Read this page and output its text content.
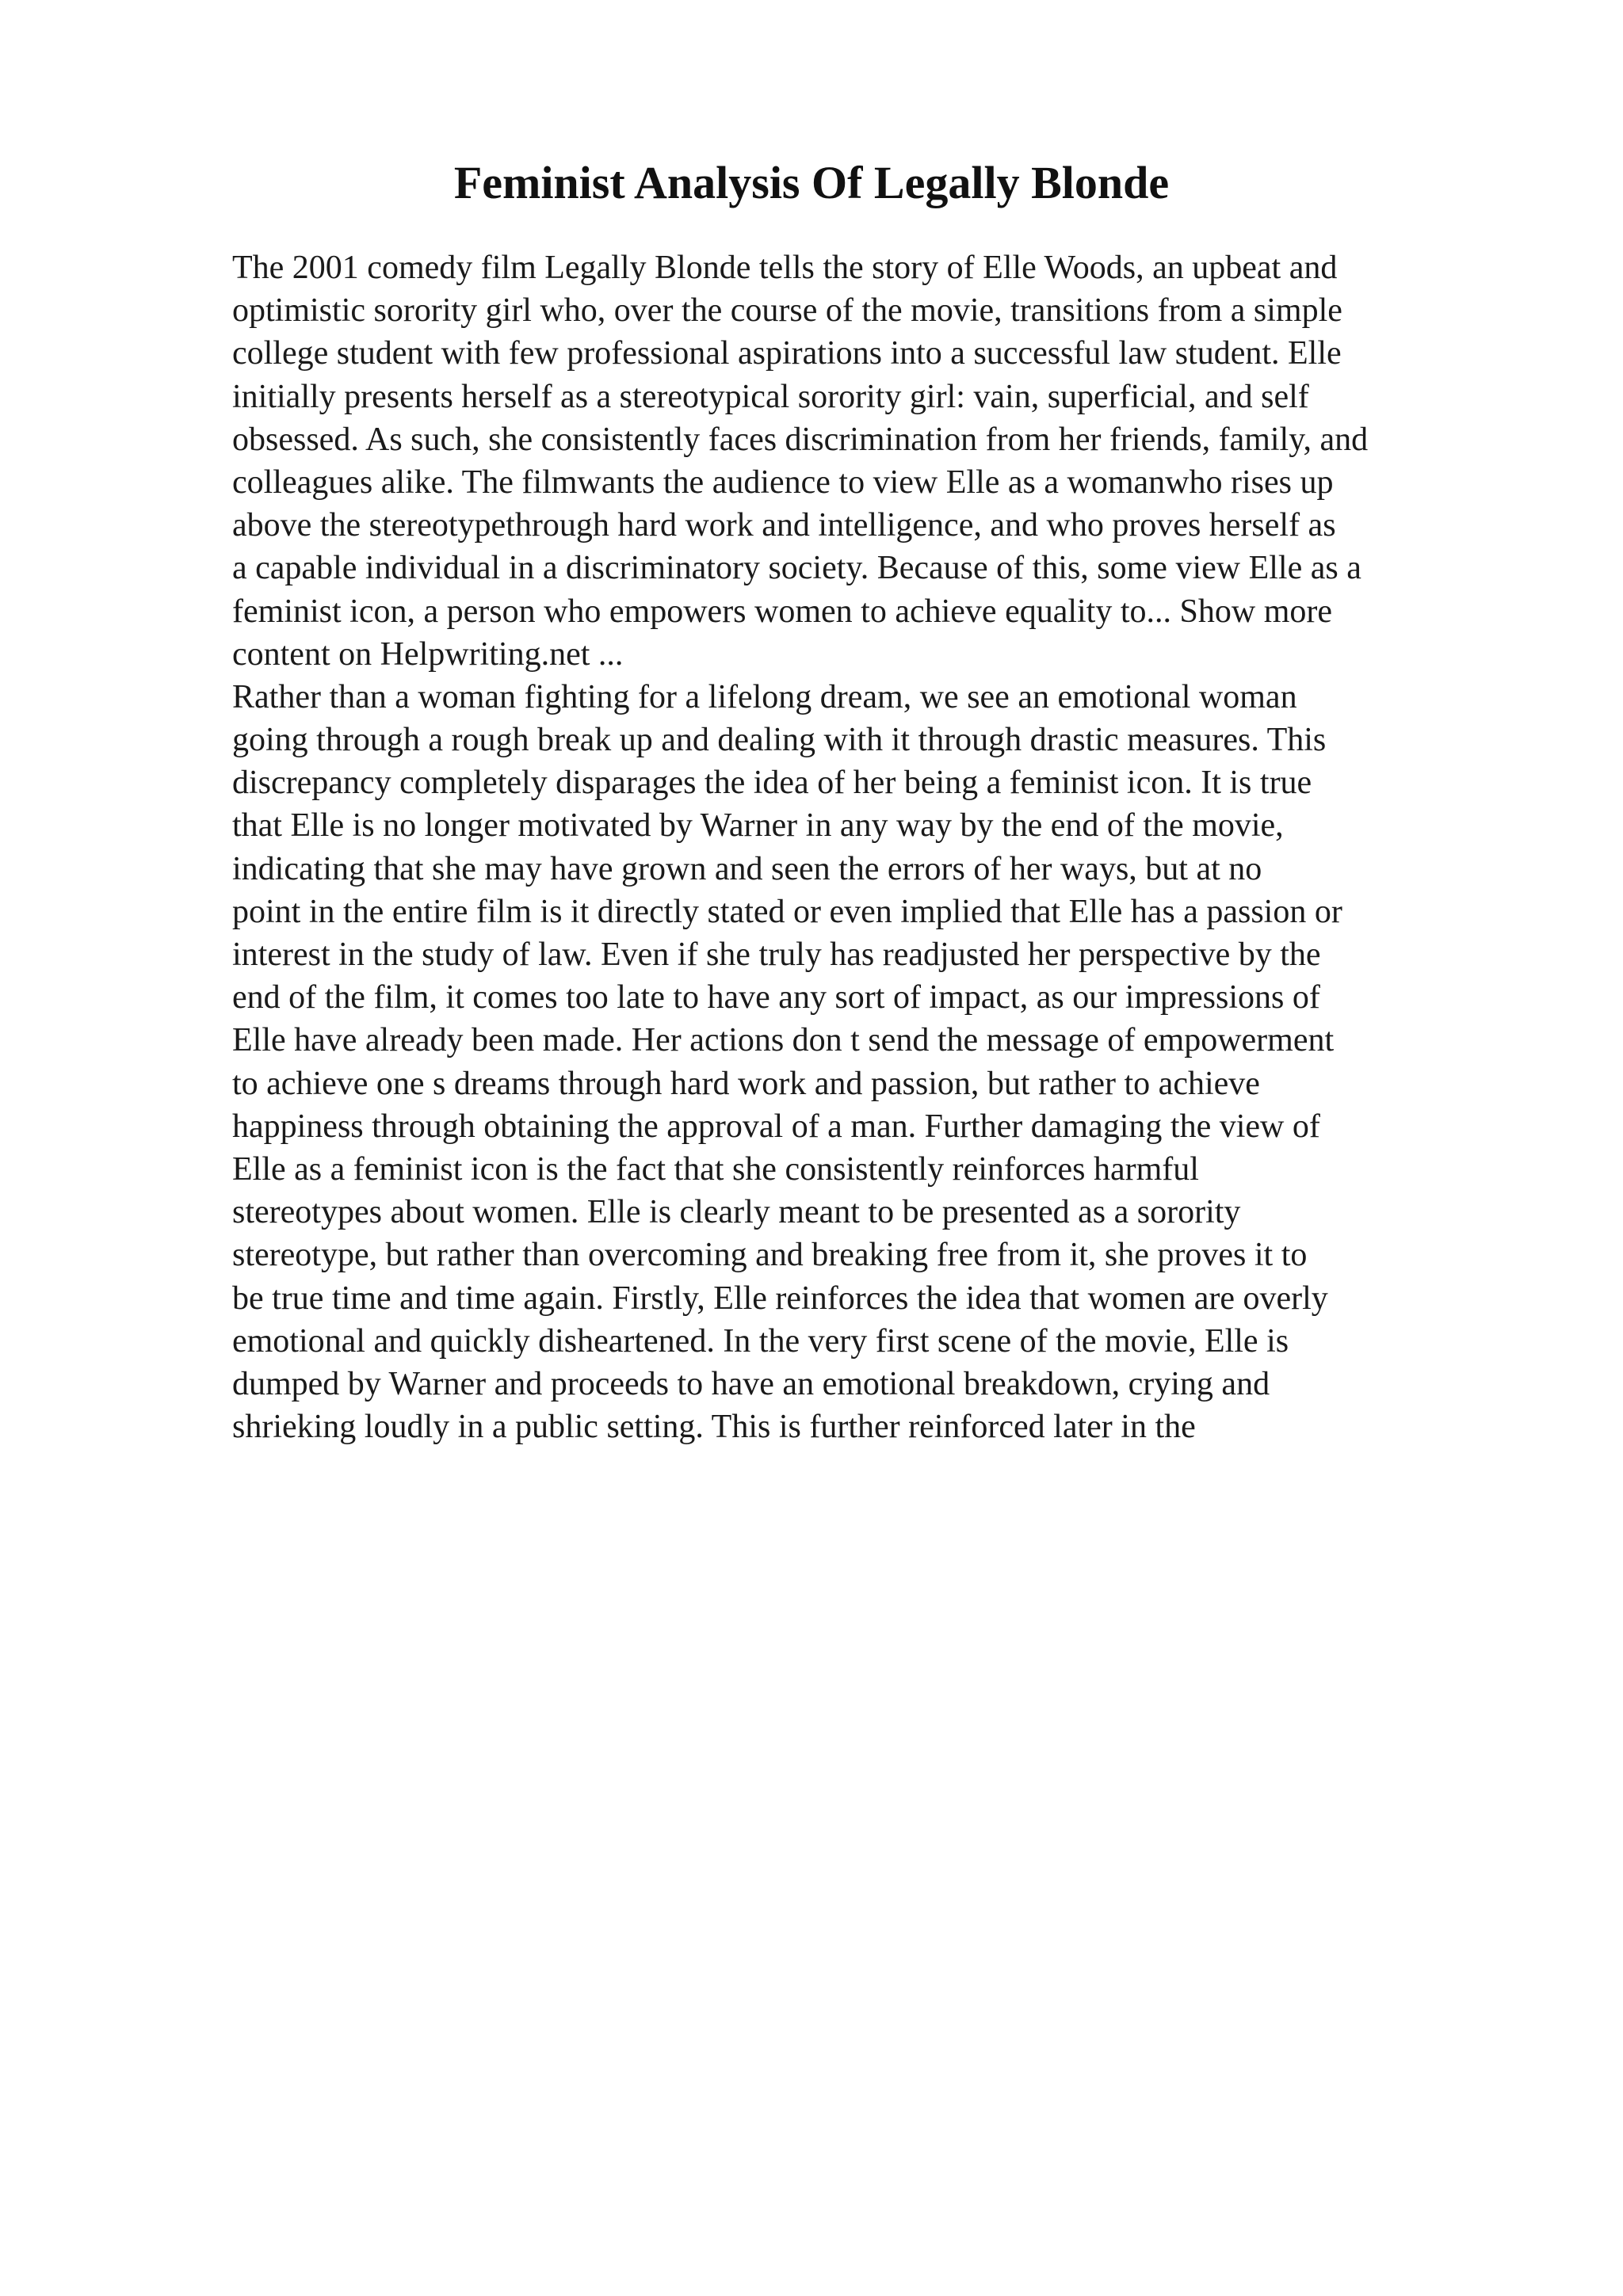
Feminist Analysis Of Legally Blonde
The 2001 comedy film Legally Blonde tells the story of Elle Woods, an upbeat and
optimistic sorority girl who, over the course of the movie, transitions from a simple
college student with few professional aspirations into a successful law student. Elle
initially presents herself as a stereotypical sorority girl: vain, superficial, and self
obsessed. As such, she consistently faces discrimination from her friends, family, and
colleagues alike. The filmwants the audience to view Elle as a womanwho rises up
above the stereotypethrough hard work and intelligence, and who proves herself as
a capable individual in a discriminatory society. Because of this, some view Elle as a
feminist icon, a person who empowers women to achieve equality to... Show more
content on Helpwriting.net ...
Rather than a woman fighting for a lifelong dream, we see an emotional woman
going through a rough break up and dealing with it through drastic measures. This
discrepancy completely disparages the idea of her being a feminist icon. It is true
that Elle is no longer motivated by Warner in any way by the end of the movie,
indicating that she may have grown and seen the errors of her ways, but at no
point in the entire film is it directly stated or even implied that Elle has a passion or
interest in the study of law. Even if she truly has readjusted her perspective by the
end of the film, it comes too late to have any sort of impact, as our impressions of
Elle have already been made. Her actions don t send the message of empowerment
to achieve one s dreams through hard work and passion, but rather to achieve
happiness through obtaining the approval of a man. Further damaging the view of
Elle as a feminist icon is the fact that she consistently reinforces harmful
stereotypes about women. Elle is clearly meant to be presented as a sorority
stereotype, but rather than overcoming and breaking free from it, she proves it to
be true time and time again. Firstly, Elle reinforces the idea that women are overly
emotional and quickly disheartened. In the very first scene of the movie, Elle is
dumped by Warner and proceeds to have an emotional breakdown, crying and
shrieking loudly in a public setting. This is further reinforced later in the
